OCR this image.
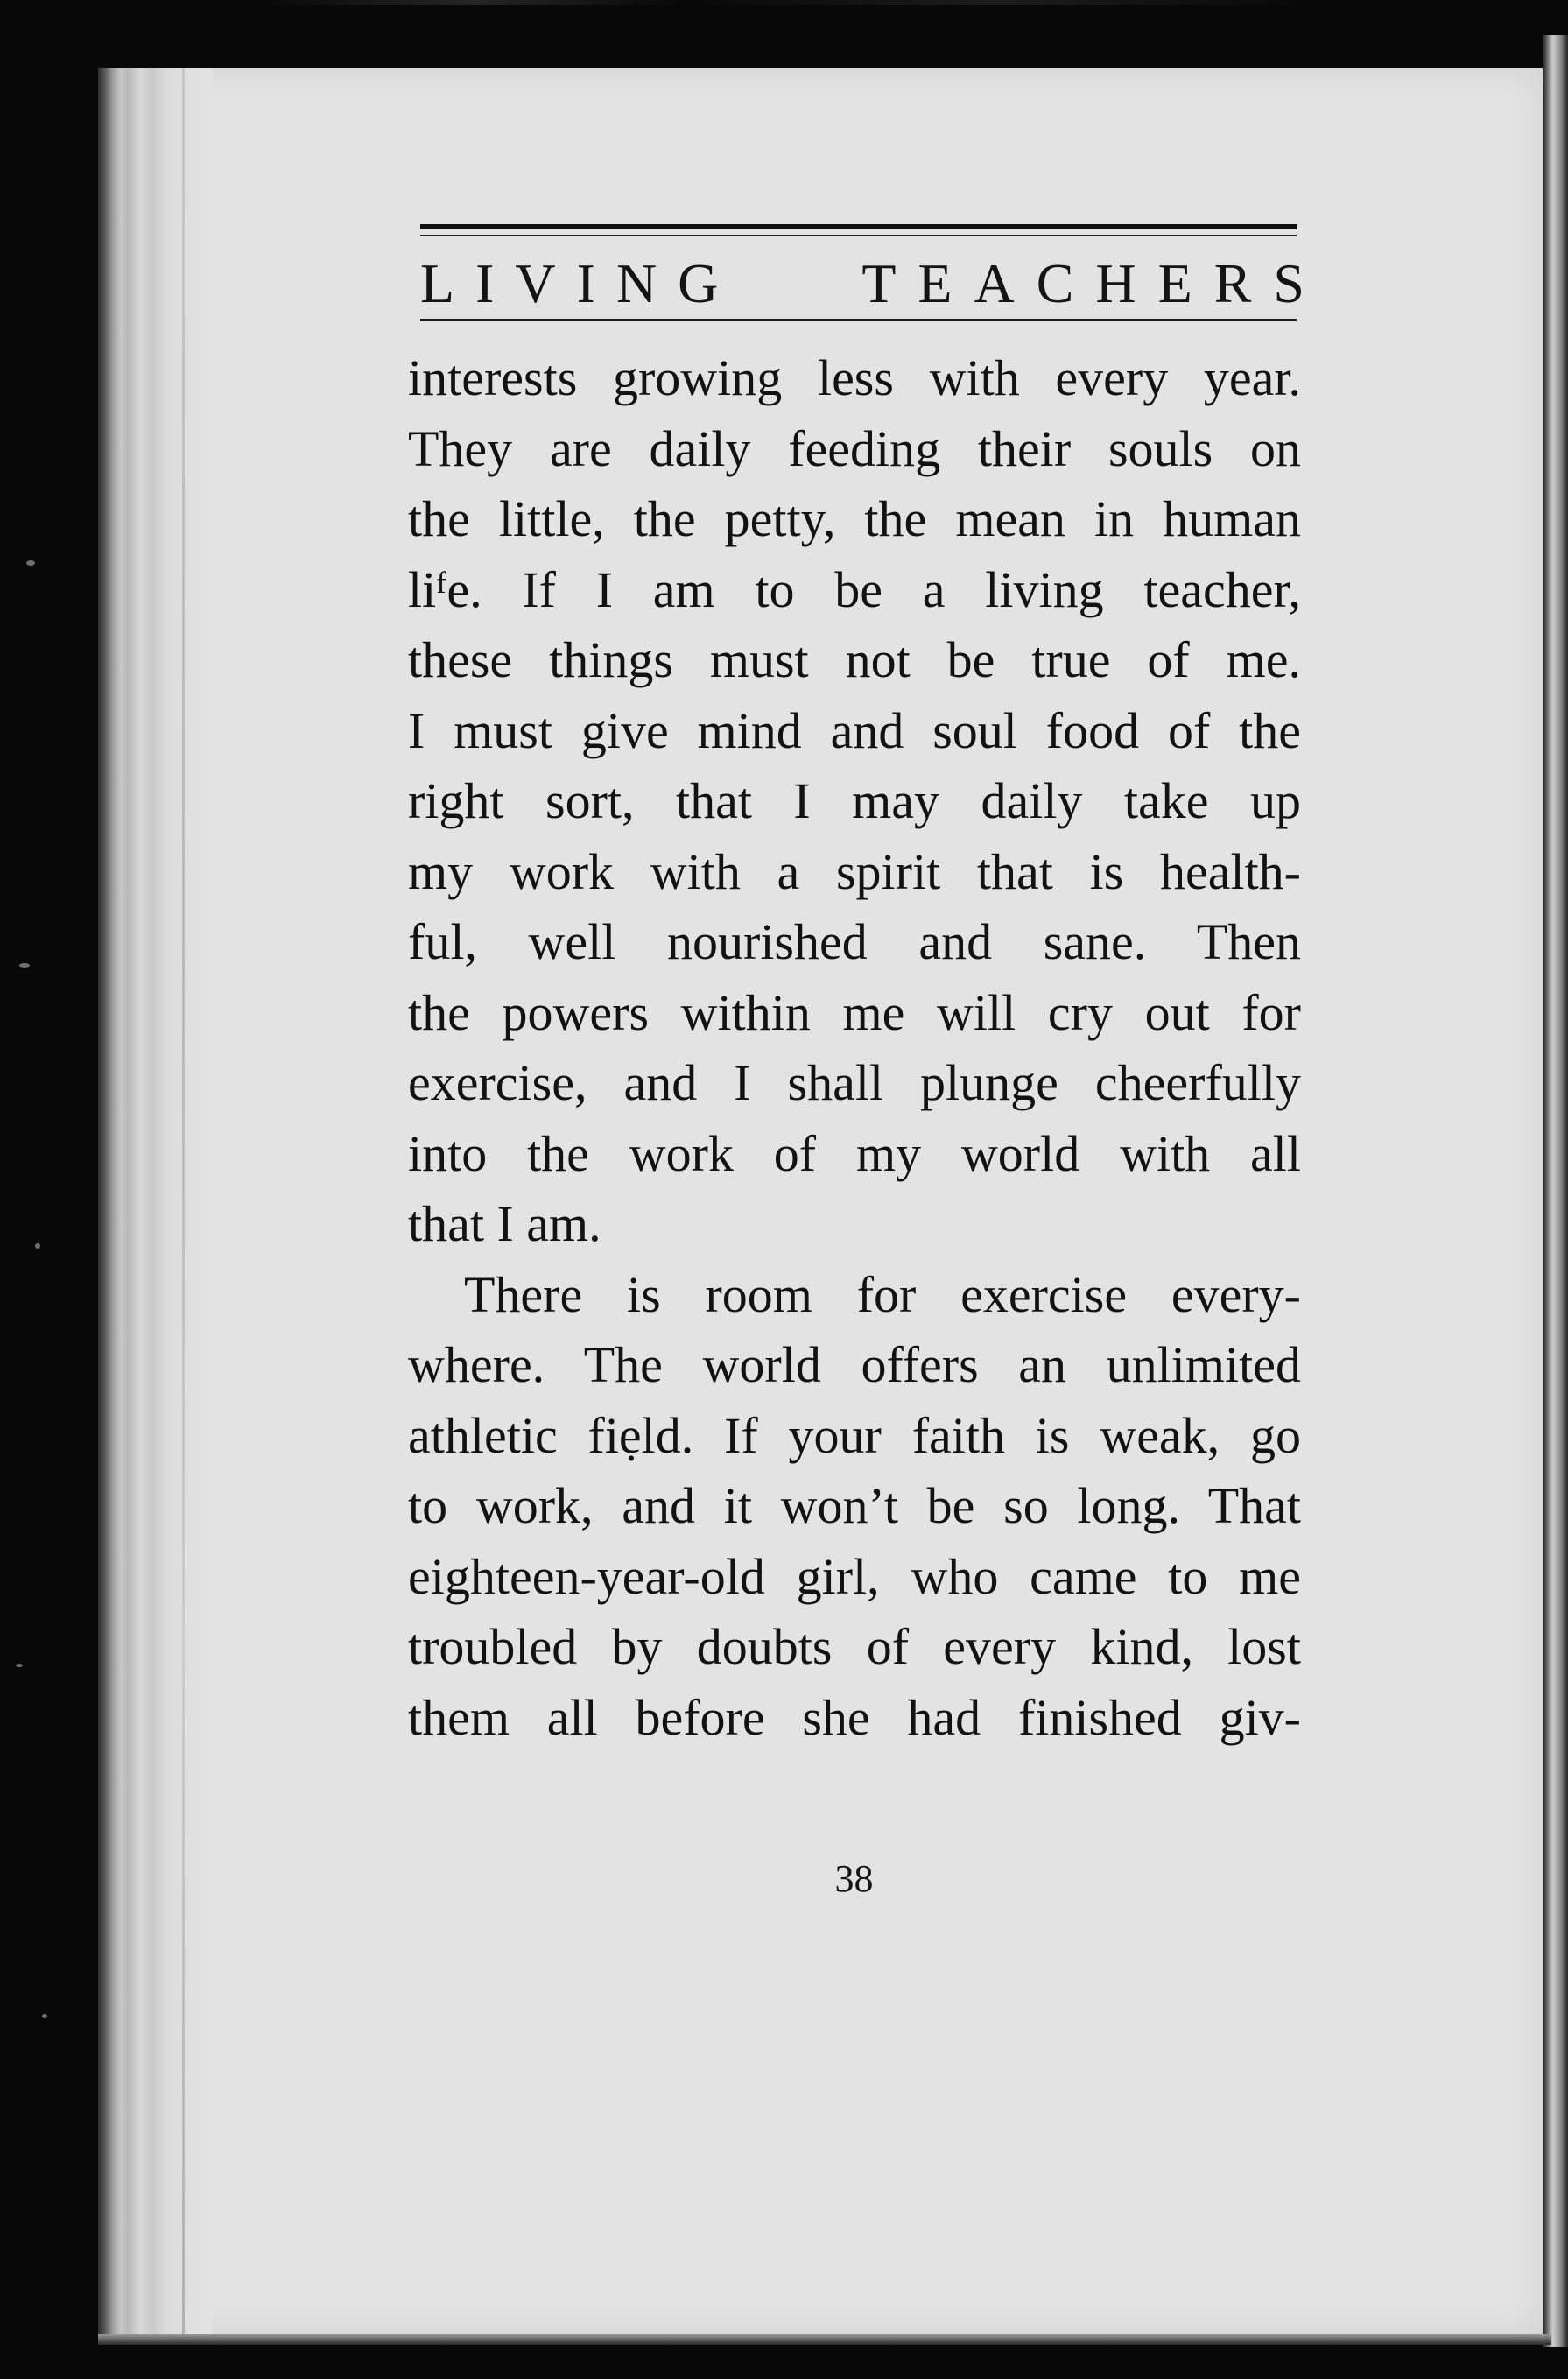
LIVING TEACHERS
interests growing less with every year.
They are daily feeding their souls on
the little, the petty, the mean in human
liᶠe. If I am to be a living teacher,
these things must not be true of me.
I must give mind and soul food of the
right sort, that I may daily take up
my work with a spirit that is health-
ful, well nourished and sane. Then
the powers within me will cry out for
exercise, and I shall plunge cheerfully
into the work of my world with all
that I am.
There is room for exercise every-
where. The world offers an unlimited
athletic fiẹld. If your faith is weak, go
to work, and it won’t be so long. That
eighteen-year-old girl, who came to me
troubled by doubts of every kind, lost
them all before she had finished giv-
38
